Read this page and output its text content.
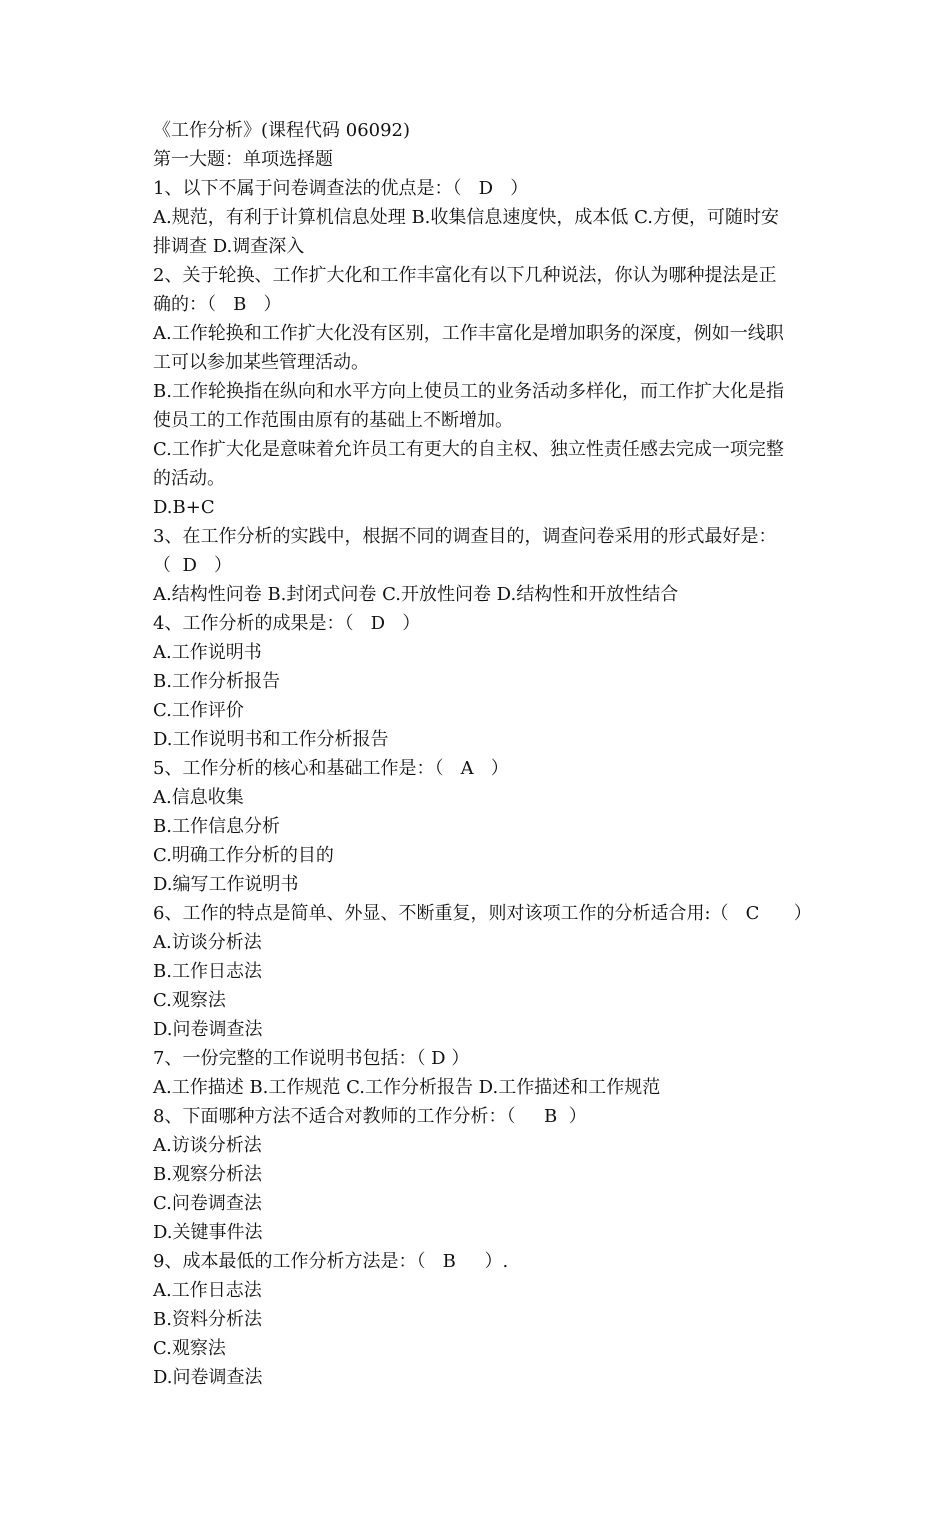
《工作分析》(课程代码 06092)
第一大题：单项选择题
1、以下不属于问卷调查法的优点是：（   D   ）
A.规范，有利于计算机信息处理 B.收集信息速度快，成本低 C.方便，可随时安
排调查 D.调查深入
2、关于轮换、工作扩大化和工作丰富化有以下几种说法，你认为哪种提法是正
确的：（   B   ）
A.工作轮换和工作扩大化没有区别，工作丰富化是增加职务的深度，例如一线职
工可以参加某些管理活动。
B.工作轮换指在纵向和水平方向上使员工的业务活动多样化，而工作扩大化是指
使员工的工作范围由原有的基础上不断增加。
C.工作扩大化是意味着允许员工有更大的自主权、独立性责任感去完成一项完整
的活动。
D.B+C
3、在工作分析的实践中，根据不同的调查目的，调查问卷采用的形式最好是：
（  D   ）
A.结构性问卷 B.封闭式问卷 C.开放性问卷 D.结构性和开放性结合
4、工作分析的成果是：（   D   ）
A.工作说明书
B.工作分析报告
C.工作评价
D.工作说明书和工作分析报告
5、工作分析的核心和基础工作是：（   A   ）
A.信息收集
B.工作信息分析
C.明确工作分析的目的
D.编写工作说明书
6、工作的特点是简单、外显、不断重复，则对该项工作的分析适合用:（   C      ）
A.访谈分析法
B.工作日志法
C.观察法
D.问卷调查法
7、一份完整的工作说明书包括：（ D ）
A.工作描述 B.工作规范 C.工作分析报告 D.工作描述和工作规范
8、下面哪种方法不适合对教师的工作分析：（     B  ）
A.访谈分析法
B.观察分析法
C.问卷调查法
D.关键事件法
9、成本最低的工作分析方法是：（   B     ）.
A.工作日志法
B.资料分析法
C.观察法
D.问卷调查法
